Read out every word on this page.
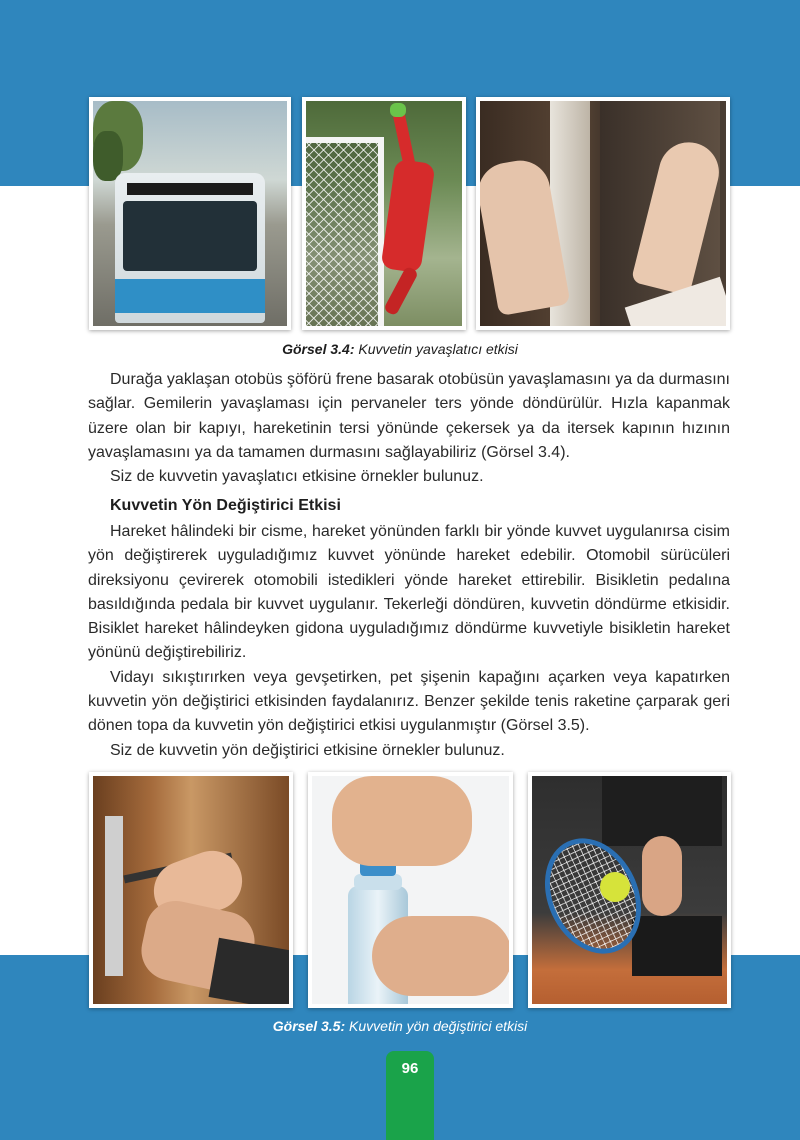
Görsel 3.4: Kuvvetin yavaşlatıcı etkisi

Durağa yaklaşan otobüs şöförü frene basarak otobüsün yavaşlamasını ya da durmasını sağlar. Gemilerin yavaşlaması için pervaneler ters yönde döndürülür. Hızla kapanmak üzere olan bir kapıyı, hareketinin tersi yönünde çekersek ya da itersek kapının hızının yavaşlamasını ya da tamamen durmasını sağlayabiliriz (Görsel 3.4).

Siz de kuvvetin yavaşlatıcı etkisine örnekler bulunuz.

Kuvvetin Yön Değiştirici Etkisi

Hareket hâlindeki bir cisme, hareket yönünden farklı bir yönde kuvvet uygulanırsa cisim yön değiştirerek uyguladığımız kuvvet yönünde hareket edebilir. Otomobil sürücüleri direksiyonu çevirerek otomobili istedikleri yönde hareket ettirebilir. Bisikletin pedalına basıldığında pedala bir kuvvet uygulanır. Tekerleği döndüren, kuvvetin döndürme etkisidir. Bisiklet hareket hâlindeyken gidona uyguladığımız döndürme kuvvetiyle bisikletin hareket yönünü değiştirebiliriz.

Vidayı sıkıştırırken veya gevşetirken, pet şişenin kapağını açarken veya kapatırken kuvvetin yön değiştirici etkisinden faydalanırız. Benzer şekilde tenis raketine çarparak geri dönen topa da kuvvetin yön değiştirici etkisi uygulanmıştır (Görsel 3.5).

Siz de kuvvetin yön değiştirici etkisine örnekler bulunuz.

Görsel 3.5: Kuvvetin yön değiştirici etkisi
96
